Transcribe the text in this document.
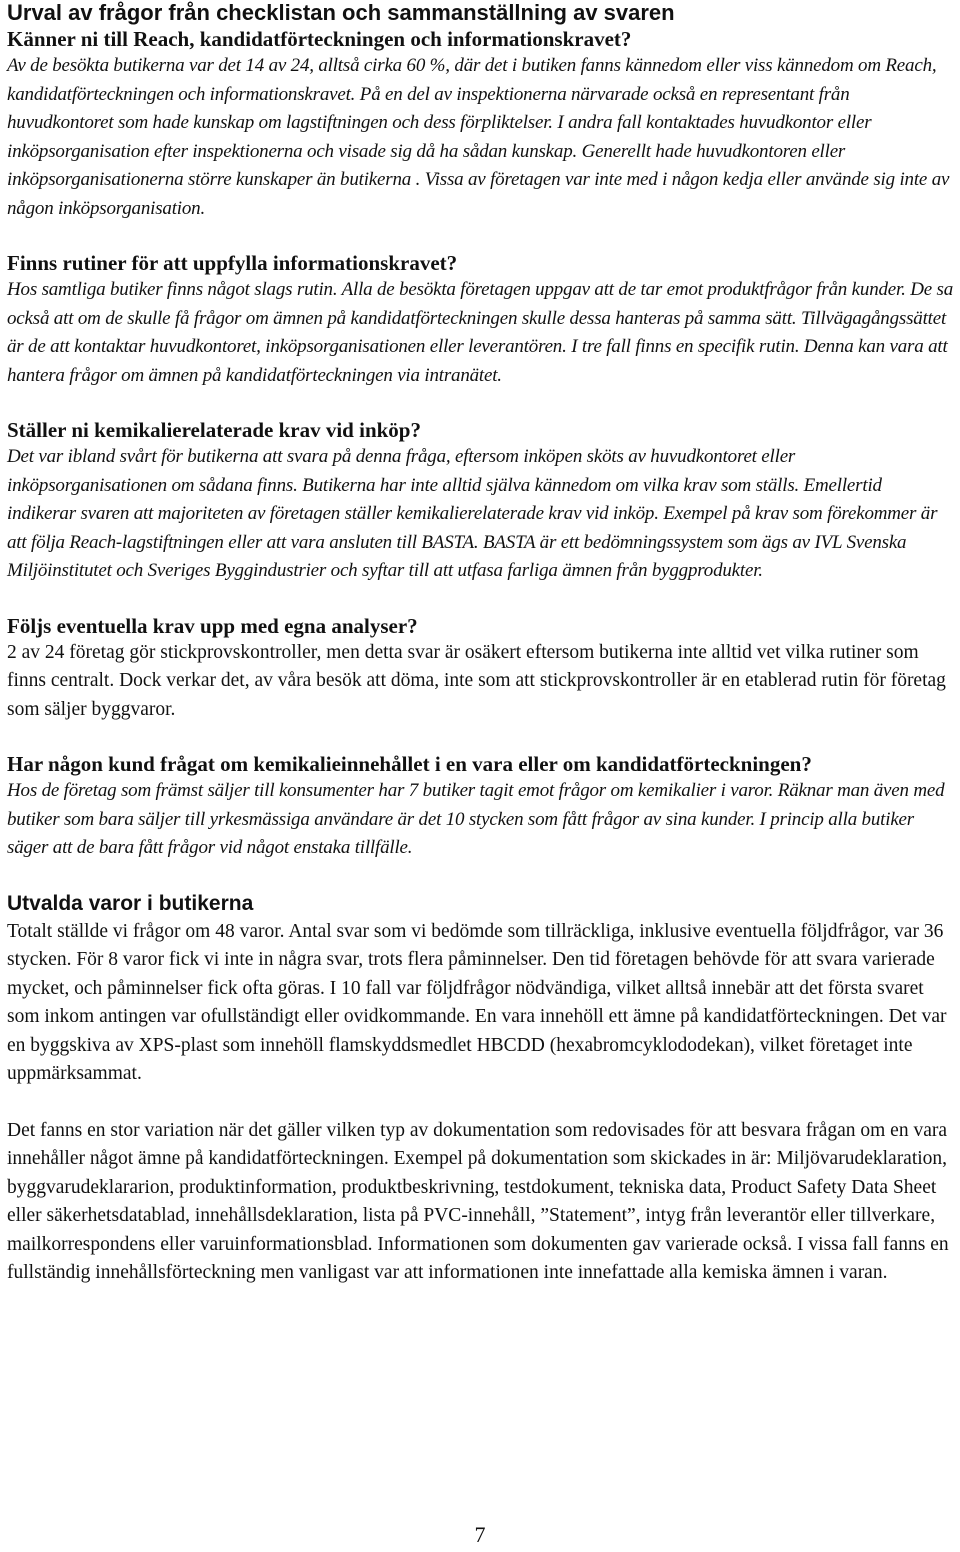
Urval av frågor från checklistan och sammanställning av svaren
Känner ni till Reach, kandidatförteckningen och informationskravet?

Av de besökta butikerna var det 14 av 24, alltså cirka 60 %, där det i butiken fanns kännedom eller viss kännedom om Reach, kandidatförteckningen och informationskravet. På en del av inspektionerna närvarade också en representant från huvudkontoret som hade kunskap om lagstiftningen och dess förpliktelser. I andra fall kontaktades huvudkontor eller inköpsorganisation efter inspektionerna och visade sig då ha sådan kunskap. Generellt hade huvudkontoren eller inköpsorganisationerna större kunskaper än butikerna . Vissa av företagen var inte med i någon kedja eller använde sig inte av någon inköpsorganisation.

Finns rutiner för att uppfylla informationskravet?

Hos samtliga butiker finns något slags rutin. Alla de besökta företagen uppgav att de tar emot produktfrågor från kunder. De sa också att om de skulle få frågor om ämnen på kandidatförteckningen skulle dessa hanteras på samma sätt. Tillvägagångssättet är de att kontaktar huvudkontoret, inköpsorganisationen eller leverantören. I tre fall finns en specifik rutin. Denna kan vara att hantera frågor om ämnen på kandidatförteckningen via intranätet.

Ställer ni kemikalierelaterade krav vid inköp?

Det var ibland svårt för butikerna att svara på denna fråga, eftersom inköpen sköts av huvudkontoret eller inköpsorganisationen om sådana finns. Butikerna har inte alltid själva kännedom om vilka krav som ställs. Emellertid indikerar svaren att majoriteten av företagen ställer kemikalierelaterade krav vid inköp. Exempel på krav som förekommer är att följa Reach-lagstiftningen eller att vara ansluten till BASTA. BASTA är ett bedömningssystem som ägs av IVL Svenska Miljöinstitutet och Sveriges Byggindustrier och syftar till att utfasa farliga ämnen från byggprodukter.

Följs eventuella krav upp med egna analyser?

2 av 24 företag gör stickprovskontroller, men detta svar är osäkert eftersom butikerna inte alltid vet vilka rutiner som finns centralt. Dock verkar det, av våra besök att döma, inte som att stickprovskontroller är en etablerad rutin för företag som säljer byggvaror.

Har någon kund frågat om kemikalieinnehållet i en vara eller om kandidatförteckningen?

Hos de företag som främst säljer till konsumenter har 7 butiker tagit emot frågor om kemikalier i varor. Räknar man även med butiker som bara säljer till yrkesmässiga användare är det 10 stycken som fått frågor av sina kunder. I princip alla butiker säger att de bara fått frågor vid något enstaka tillfälle.

Utvalda varor i butikerna

Totalt ställde vi frågor om 48 varor. Antal svar som vi bedömde som tillräckliga, inklusive eventuella följdfrågor, var 36 stycken. För 8 varor fick vi inte in några svar, trots flera påminnelser. Den tid företagen behövde för att svara varierade mycket, och påminnelser fick ofta göras. I 10 fall var följdfrågor nödvändiga, vilket alltså innebär att det första svaret som inkom antingen var ofullständigt eller ovidkommande. En vara innehöll ett ämne på kandidatförteckningen. Det var en byggskiva av XPS-plast som innehöll flamskyddsmedlet HBCDD (hexabromcyklododekan), vilket företaget inte uppmärksammat.

Det fanns en stor variation när det gäller vilken typ av dokumentation som redovisades för att besvara frågan om en vara innehåller något ämne på kandidatförteckningen. Exempel på dokumentation som skickades in är: Miljövarudeklaration, byggvarudeklararion, produktinformation, produktbeskrivning, testdokument, tekniska data, Product Safety Data Sheet eller säkerhetsdatablad, innehållsdeklaration, lista på PVC-innehåll, ”Statement”, intyg från leverantör eller tillverkare, mailkorrespondens eller varuinformationsblad. Informationen som dokumenten gav varierade också. I vissa fall fanns en fullständig innehållsförteckning men vanligast var att informationen inte innefattade alla kemiska ämnen i varan.

7
